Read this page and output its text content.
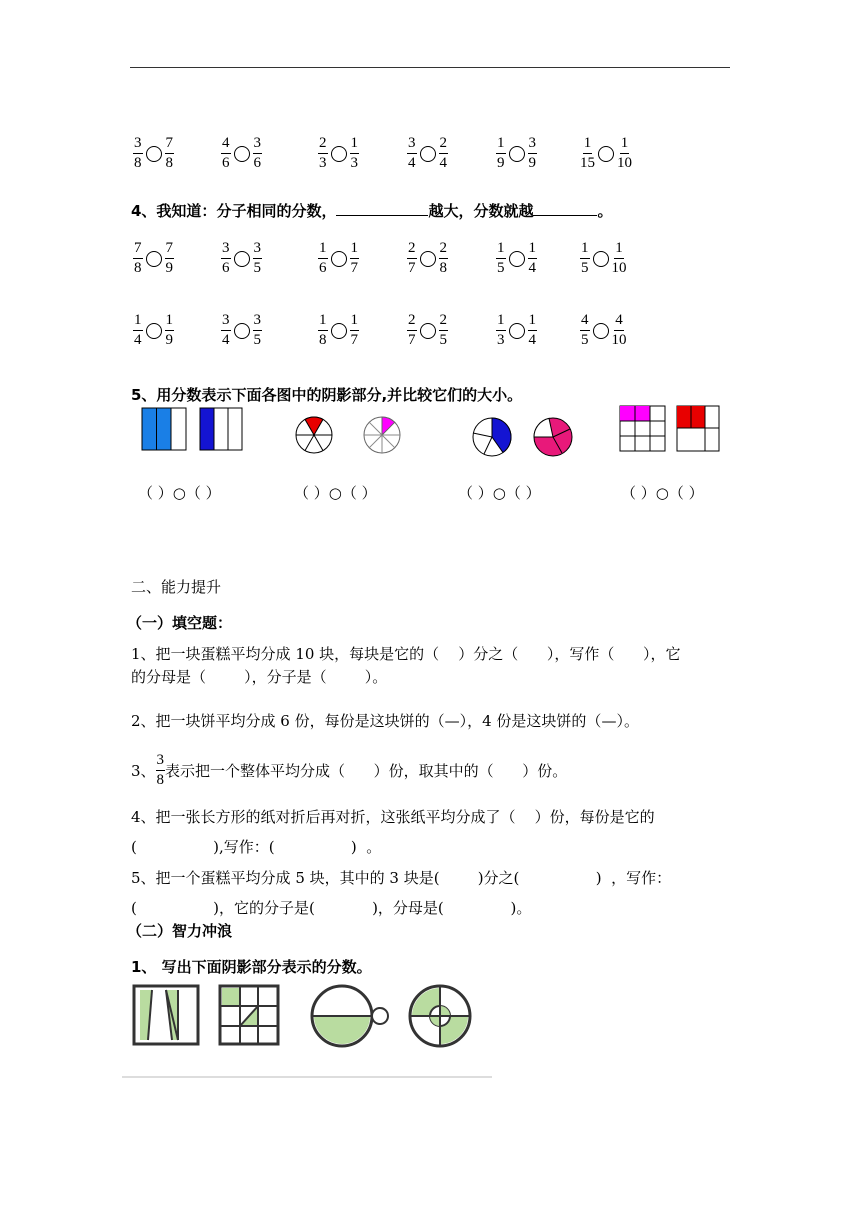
4、我知道：分子相同的分数，	越大，分数就越	。
5、用分数表示下面各图中的阴影部分,并比较它们的大小。
（ ）○（ ）	（ ）○（ ）	（ ）○（ ）	（ ）○（ ）
二、能力提升
（一）填空题：
1、把一块蛋糕平均分成 10 块，每块是它的（    ）分之（      ），写作（      ），它
的分母是（        ），分子是（        ）。
2、把一块饼平均分成 6 份，每份是这块饼的（—），4 份是这块饼的（—）。
3、 $\frac{3}{8}$ 表示把一个整体平均分成（      ）份，取其中的（      ）份。
4、把一张长方形的纸对折后再对折，这张纸平均分成了（    ）份，每份是它的
(                ),写作：(                )  。
5、把一个蛋糕平均分成 5 块，其中的 3 块是(        )分之(                )  ，写作：
(                )，它的分子是(            )，分母是(              )。
（二）智力冲浪
1、 写出下面阴影部分表示的分数。
$\frac{3}{8} \frac{7}{8}$	$\frac{4}{6} \frac{3}{6}$	$\frac{2}{3} \frac{1}{3}$	$\frac{3}{4} \frac{2}{4}$	$\frac{1}{9} \frac{3}{9}$	$\frac{1}{15} \frac{1}{10}$
$\frac{7}{8} \frac{7}{9}$	$\frac{3}{6} \frac{3}{5}$	$\frac{1}{6} \frac{1}{7}$	$\frac{2}{7} \frac{2}{8}$	$\frac{1}{5} \frac{1}{4}$	$\frac{1}{5} \frac{1}{10}$
$\frac{1}{4} \frac{1}{9}$	$\frac{3}{4} \frac{3}{5}$	$\frac{1}{8} \frac{1}{7}$	$\frac{2}{7} \frac{2}{5}$	$\frac{1}{3} \frac{1}{4}$	$\frac{4}{5} \frac{4}{10}$
